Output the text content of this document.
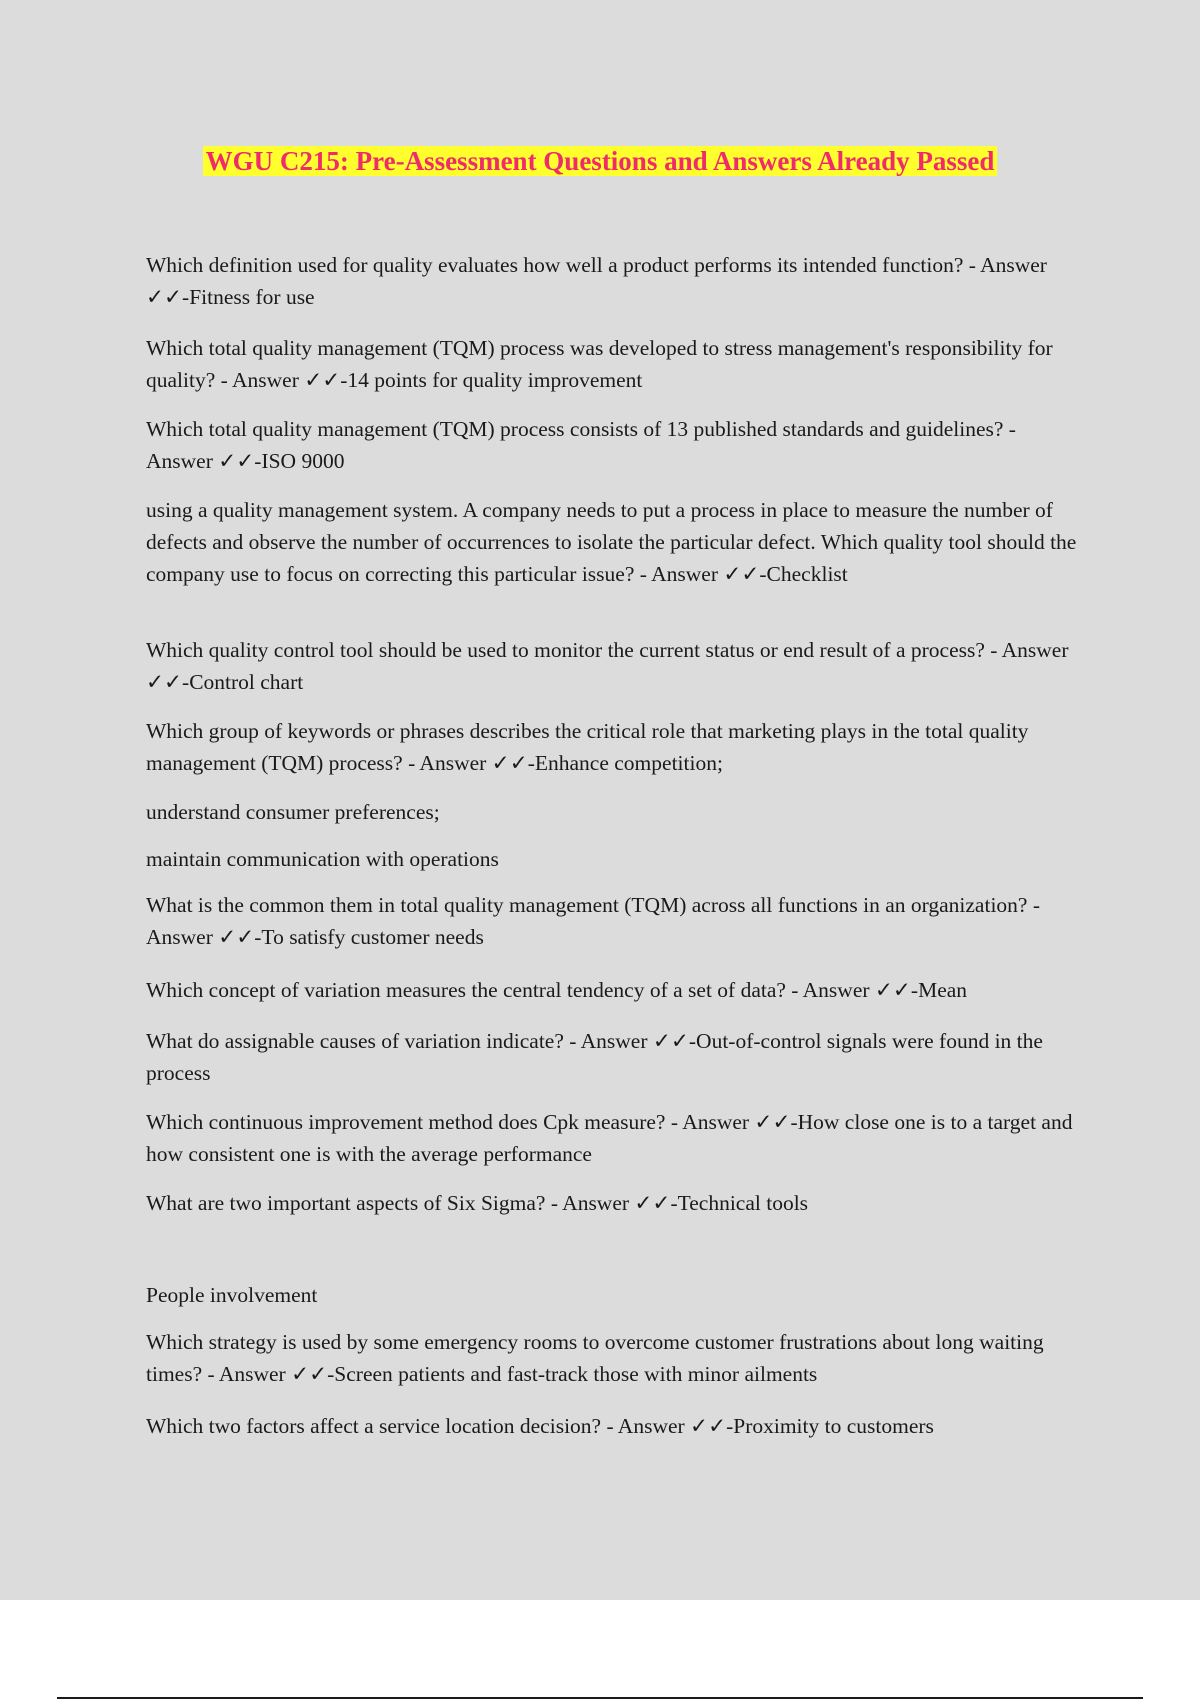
WGU C215: Pre-Assessment Questions and Answers Already Passed

Which definition used for quality evaluates how well a product performs its intended function? - Answer ✓✓-Fitness for use

Which total quality management (TQM) process was developed to stress management's responsibility for quality? - Answer ✓✓-14 points for quality improvement

Which total quality management (TQM) process consists of 13 published standards and guidelines? - Answer ✓✓-ISO 9000

using a quality management system. A company needs to put a process in place to measure the number of defects and observe the number of occurrences to isolate the particular defect. Which quality tool should the company use to focus on correcting this particular issue? - Answer ✓✓-Checklist

Which quality control tool should be used to monitor the current status or end result of a process? - Answer ✓✓-Control chart

Which group of keywords or phrases describes the critical role that marketing plays in the total quality management (TQM) process? - Answer ✓✓-Enhance competition;

understand consumer preferences;

maintain communication with operations

What is the common them in total quality management (TQM) across all functions in an organization? - Answer ✓✓-To satisfy customer needs

Which concept of variation measures the central tendency of a set of data? - Answer ✓✓-Mean

What do assignable causes of variation indicate? - Answer ✓✓-Out-of-control signals were found in the process

Which continuous improvement method does Cpk measure? - Answer ✓✓-How close one is to a target and how consistent one is with the average performance

What are two important aspects of Six Sigma? - Answer ✓✓-Technical tools

People involvement

Which strategy is used by some emergency rooms to overcome customer frustrations about long waiting times? - Answer ✓✓-Screen patients and fast-track those with minor ailments

Which two factors affect a service location decision? - Answer ✓✓-Proximity to customers
